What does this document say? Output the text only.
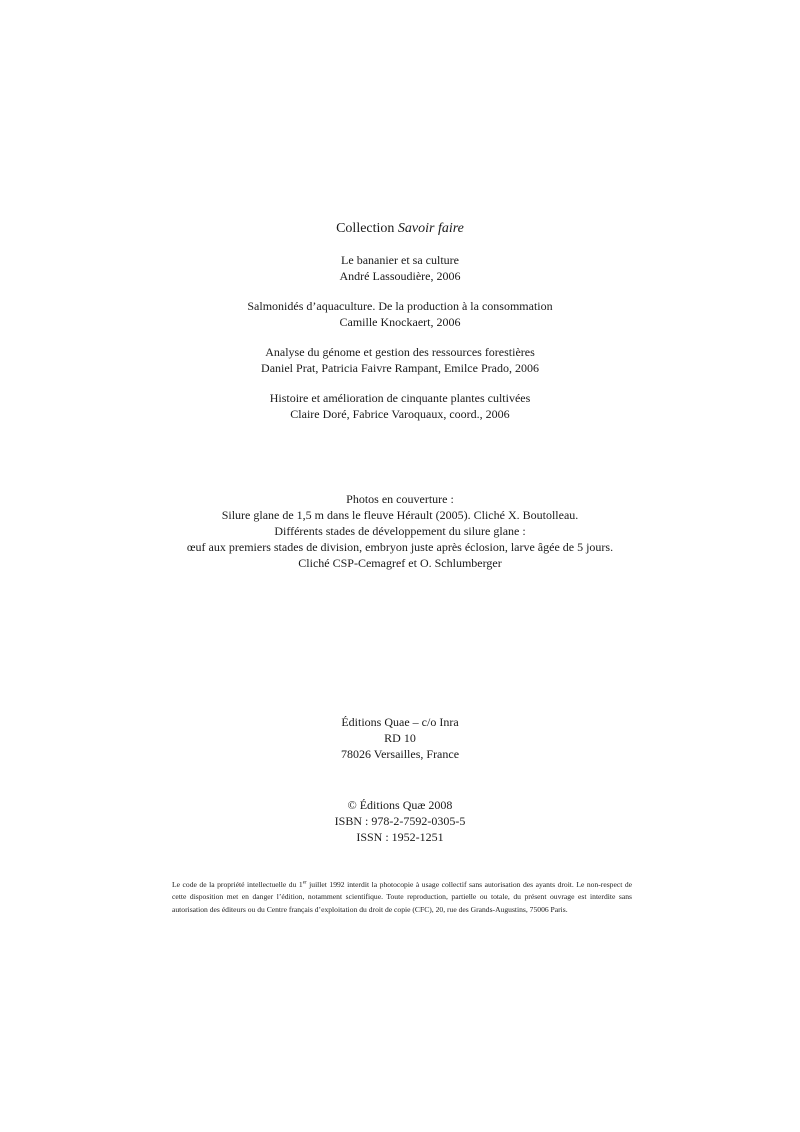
Collection Savoir faire
Le bananier et sa culture
André Lassoudière, 2006
Salmonidés d’aquaculture. De la production à la consommation
Camille Knockaert, 2006
Analyse du génome et gestion des ressources forestières
Daniel Prat, Patricia Faivre Rampant, Emilce Prado, 2006
Histoire et amélioration de cinquante plantes cultivées
Claire Doré, Fabrice Varoquaux, coord., 2006
Photos en couverture :
Silure glane de 1,5 m dans le fleuve Hérault (2005). Cliché X. Boutolleau.
Différents stades de développement du silure glane :
œuf aux premiers stades de division, embryon juste après éclosion, larve âgée de 5 jours.
Cliché CSP-Cemagref et O. Schlumberger
Éditions Quae – c/o Inra
RD 10
78026 Versailles, France
© Éditions Quæ 2008
ISBN : 978-2-7592-0305-5
ISSN : 1952-1251
Le code de la propriété intellectuelle du 1er juillet 1992 interdit la photocopie à usage collectif sans autorisation des ayants droit. Le non-respect de cette disposition met en danger l’édition, notamment scientifique. Toute reproduction, partielle ou totale, du présent ouvrage est interdite sans autorisation des éditeurs ou du Centre français d’exploitation du droit de copie (CFC), 20, rue des Grands-Augustins, 75006 Paris.
